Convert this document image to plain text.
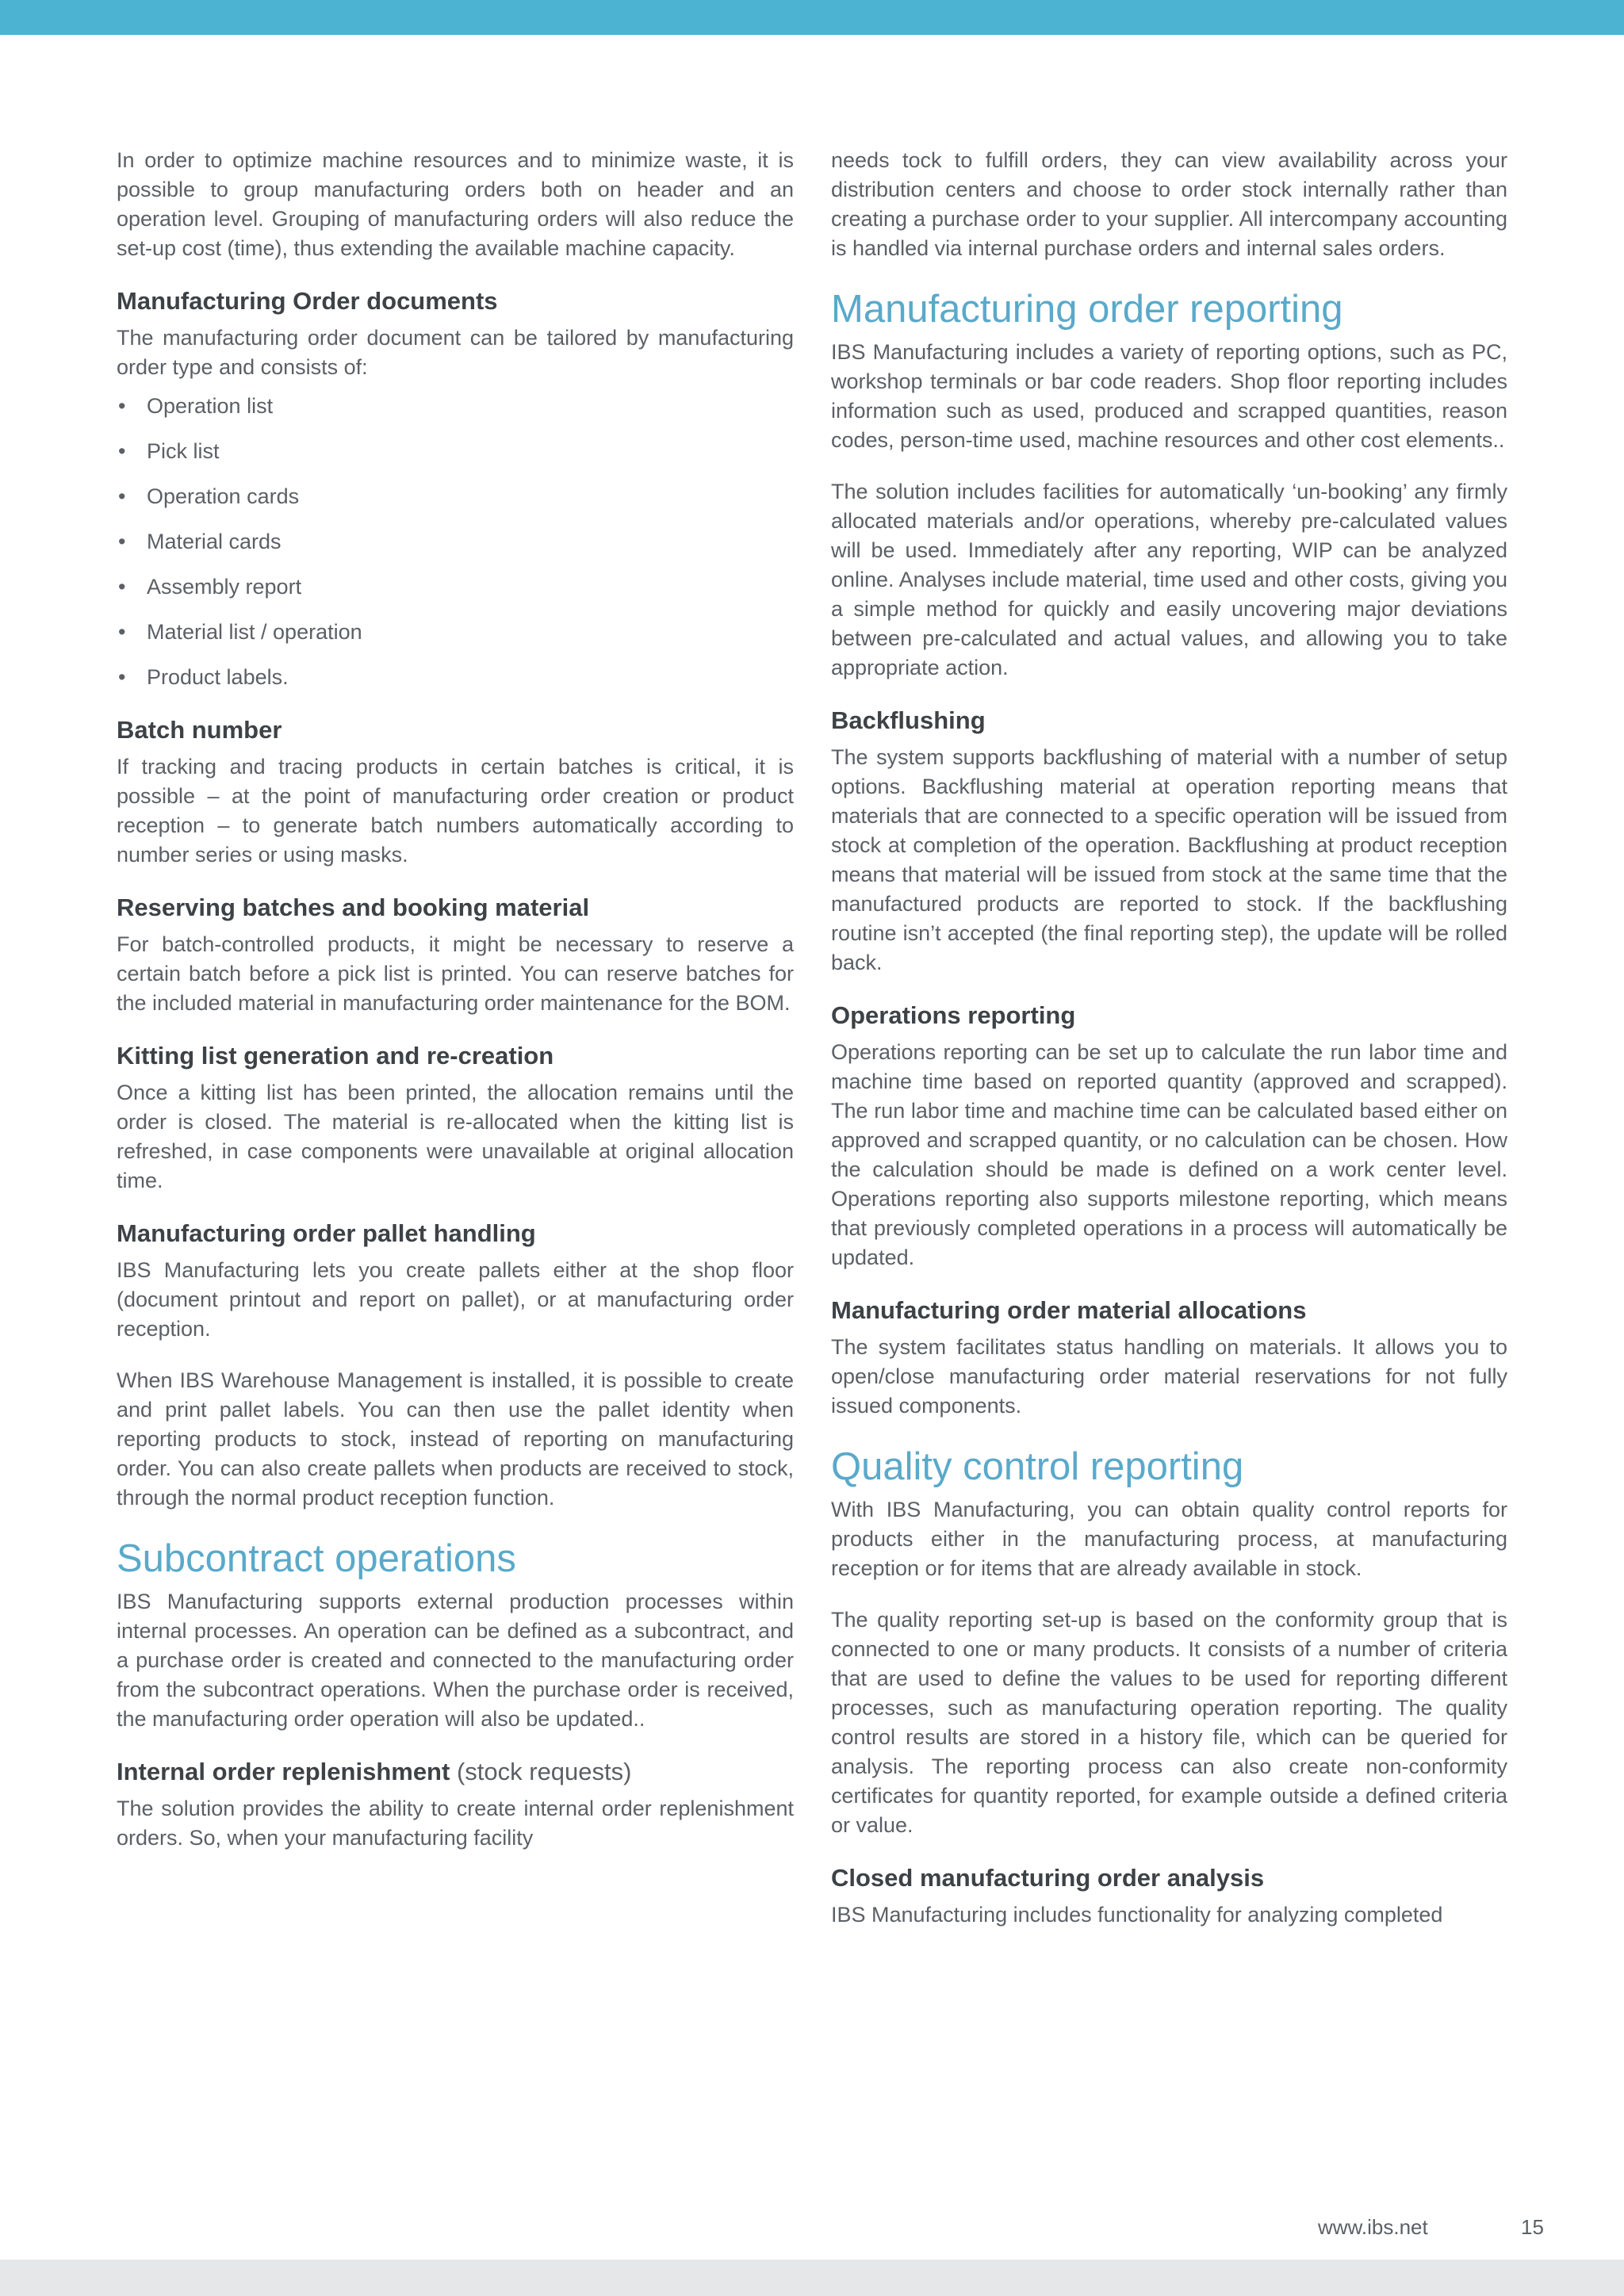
In order to optimize machine resources and to minimize waste, it is possible to group manufacturing orders both on header and an operation level. Grouping of manufacturing orders will also reduce the set-up cost (time), thus extending the available machine capacity.

Manufacturing Order documents

The manufacturing order document can be tailored by manufacturing order type and consists of:

• Operation list
• Pick list
• Operation cards
• Material cards
• Assembly report
• Material list / operation
• Product labels.
Batch number

If tracking and tracing products in certain batches is critical, it is possible – at the point of manufacturing order creation or product reception – to generate batch numbers automatically according to number series or using masks.

Reserving batches and booking material

For batch-controlled products, it might be necessary to reserve a certain batch before a pick list is printed. You can reserve batches for the included material in manufacturing order maintenance for the BOM.

Kitting list generation and re-creation

Once a kitting list has been printed, the allocation remains until the order is closed. The material is re-allocated when the kitting list is refreshed, in case components were unavailable at original allocation time.

Manufacturing order pallet handling

IBS Manufacturing lets you create pallets either at the shop floor (document printout and report on pallet), or at manufacturing order reception.

When IBS Warehouse Management is installed, it is possible to create and print pallet labels. You can then use the pallet identity when reporting products to stock, instead of reporting on manufacturing order. You can also create pallets when products are received to stock, through the normal product reception function.

Subcontract operations

IBS Manufacturing supports external production processes within internal processes. An operation can be defined as a subcontract, and a purchase order is created and connected to the manufacturing order from the subcontract operations. When the purchase order is received, the manufacturing order operation will also be updated..

Internal order replenishment (stock requests)

The solution provides the ability to create internal order replenishment orders. So, when your manufacturing facility

needs tock to fulfill orders, they can view availability across your distribution centers and choose to order stock internally rather than creating a purchase order to your supplier. All intercompany accounting is handled via internal purchase orders and internal sales orders.

Manufacturing order reporting

IBS Manufacturing includes a variety of reporting options, such as PC, workshop terminals or bar code readers. Shop floor reporting includes information such as used, produced and scrapped quantities, reason codes, person-time used, machine resources and other cost elements..

The solution includes facilities for automatically ‘un-booking’ any firmly allocated materials and/or operations, whereby pre-calculated values will be used. Immediately after any reporting, WIP can be analyzed online. Analyses include material, time used and other costs, giving you a simple method for quickly and easily uncovering major deviations between pre-calculated and actual values, and allowing you to take appropriate action.

Backflushing

The system supports backflushing of material with a number of setup options. Backflushing material at operation reporting means that materials that are connected to a specific operation will be issued from stock at completion of the operation. Backflushing at product reception means that material will be issued from stock at the same time that the manufactured products are reported to stock. If the backflushing routine isn’t accepted (the final reporting step), the update will be rolled back.

Operations reporting

Operations reporting can be set up to calculate the run labor time and machine time based on reported quantity (approved and scrapped). The run labor time and machine time can be calculated based either on approved and scrapped quantity, or no calculation can be chosen. How the calculation should be made is defined on a work center level. Operations reporting also supports milestone reporting, which means that previously completed operations in a process will automatically be updated.

Manufacturing order material allocations

The system facilitates status handling on materials. It allows you to open/close manufacturing order material reservations for not fully issued components.

Quality control reporting

With IBS Manufacturing, you can obtain quality control reports for products either in the manufacturing process, at manufacturing reception or for items that are already available in stock.

The quality reporting set-up is based on the conformity group that is connected to one or many products. It consists of a number of criteria that are used to define the values to be used for reporting different processes, such as manufacturing operation reporting. The quality control results are stored in a history file, which can be queried for analysis. The reporting process can also create non-conformity certificates for quantity reported, for example outside a defined criteria or value.

Closed manufacturing order analysis

IBS Manufacturing includes functionality for analyzing completed

www.ibs.net	15
